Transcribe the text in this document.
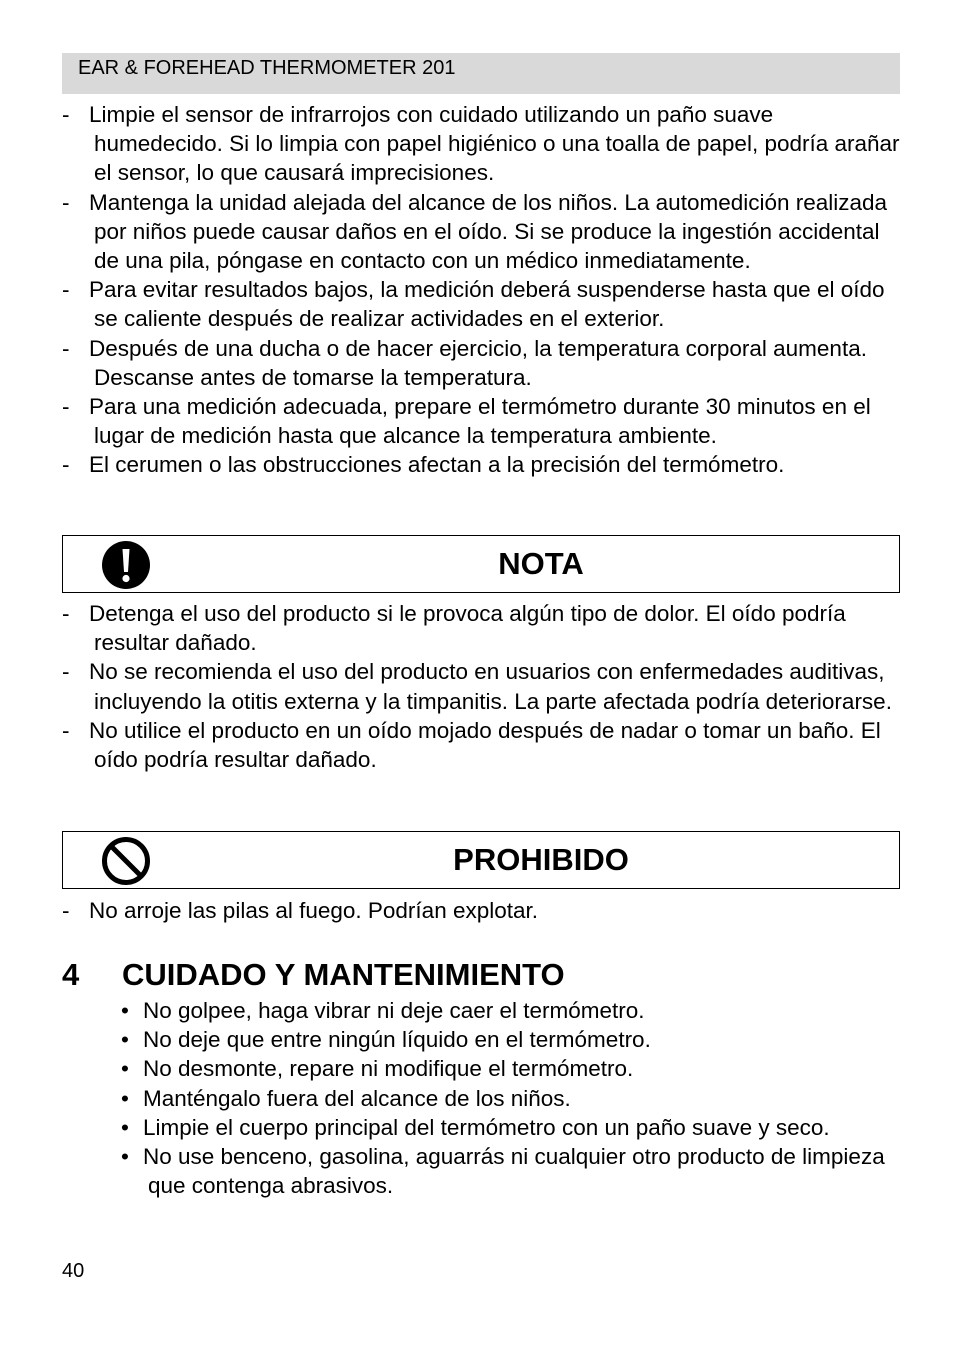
EAR & FOREHEAD THERMOMETER 201
- Limpie el sensor de infrarrojos con cuidado utilizando un paño suave humedecido. Si lo limpia con papel higiénico o una toalla de papel, podría arañar el sensor, lo que causará imprecisiones.
- Mantenga la unidad alejada del alcance de los niños. La automedición realizada por niños puede causar daños en el oído. Si se produce la ingestión accidental de una pila, póngase en contacto con un médico inmediatamente.
- Para evitar resultados bajos, la medición deberá suspenderse hasta que el oído se caliente después de realizar actividades en el exterior.
- Después de una ducha o de hacer ejercicio, la temperatura corporal aumenta. Descanse antes de tomarse la temperatura.
- Para una medición adecuada, prepare el termómetro durante 30 minutos en el lugar de medición hasta que alcance la temperatura ambiente.
- El cerumen o las obstrucciones afectan a la precisión del termómetro.
NOTA
- Detenga el uso del producto si le provoca algún tipo de dolor. El oído podría resultar dañado.
- No se recomienda el uso del producto en usuarios con enfermedades auditivas, incluyendo la otitis externa y la timpanitis. La parte afectada podría deteriorarse.
- No utilice el producto en un oído mojado después de nadar o tomar un baño. El oído podría resultar dañado.
PROHIBIDO
- No arroje las pilas al fuego. Podrían explotar.
4 CUIDADO Y MANTENIMIENTO
• No golpee, haga vibrar ni deje caer el termómetro.
• No deje que entre ningún líquido en el termómetro.
• No desmonte, repare ni modifique el termómetro.
• Manténgalo fuera del alcance de los niños.
• Limpie el cuerpo principal del termómetro con un paño suave y seco.
• No use benceno, gasolina, aguarrás ni cualquier otro producto de limpieza que contenga abrasivos.
40
